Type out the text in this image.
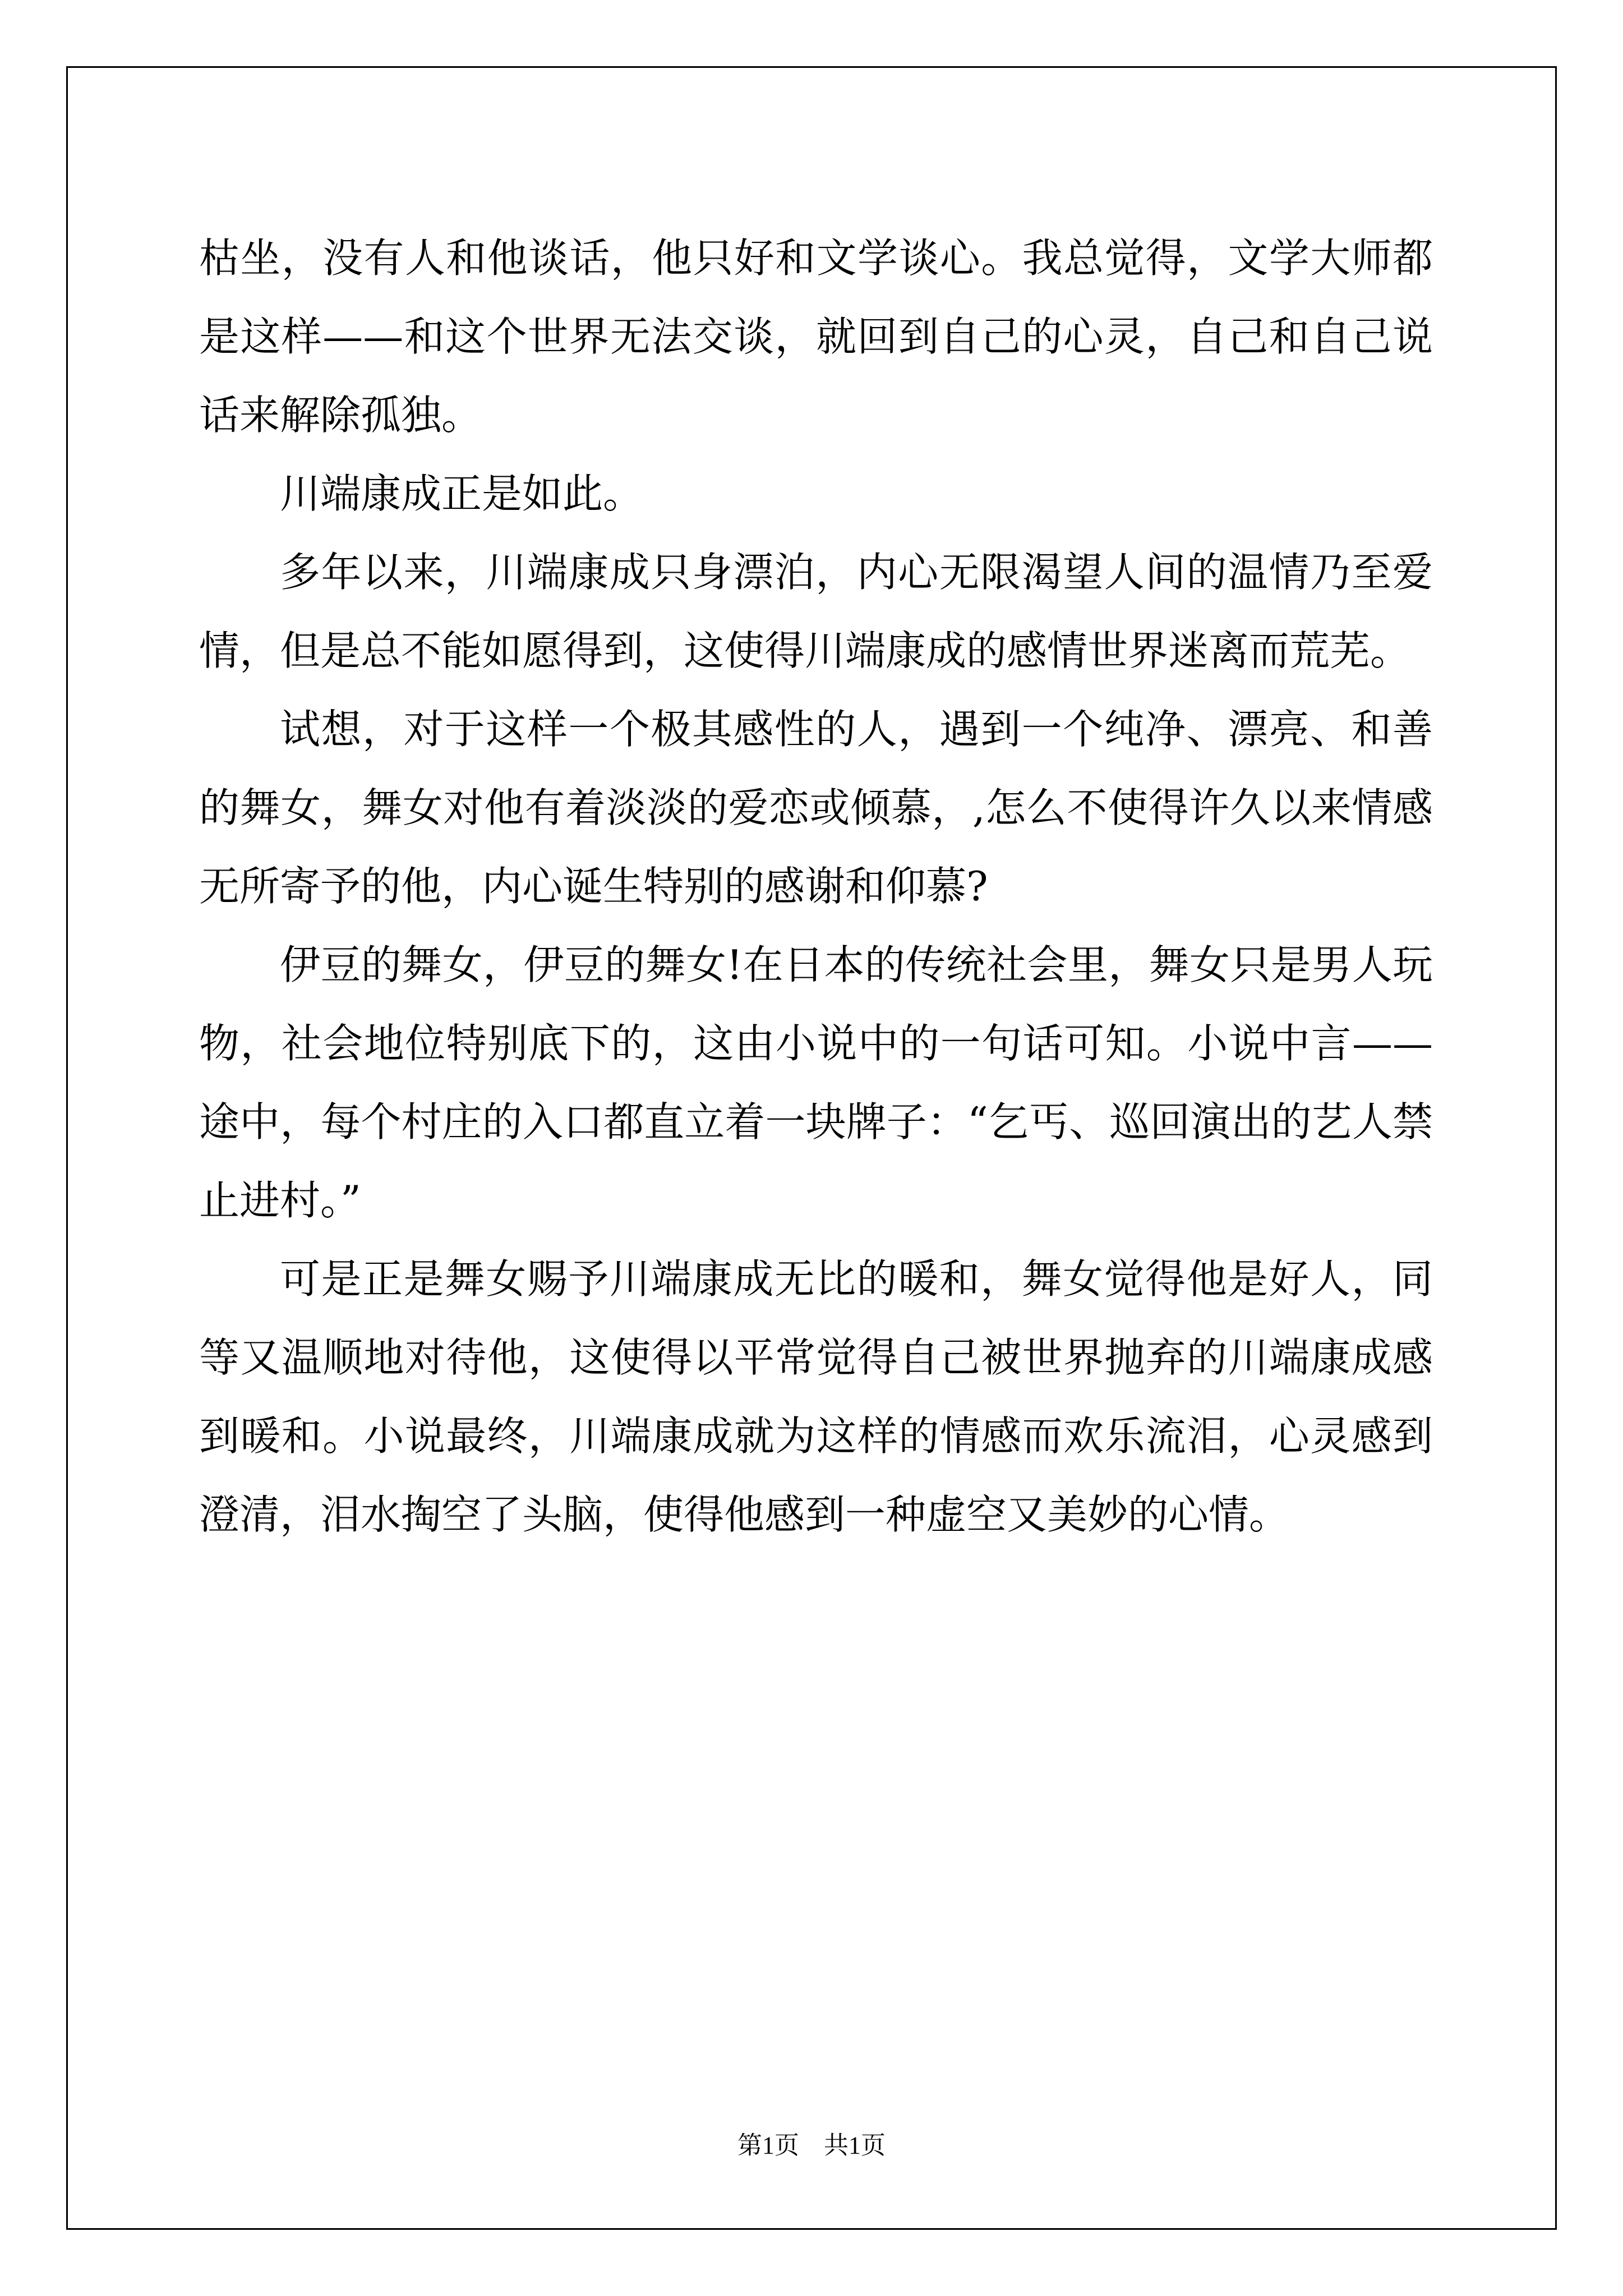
枯坐，没有人和他谈话，他只好和文学谈心。我总觉得，文学大师都是这样——和这个世界无法交谈，就回到自己的心灵，自己和自己说话来解除孤独。

川端康成正是如此。

多年以来，川端康成只身漂泊，内心无限渴望人间的温情乃至爱情，但是总不能如愿得到，这使得川端康成的感情世界迷离而荒芜。

试想，对于这样一个极其感性的人，遇到一个纯净、漂亮、和善的舞女，舞女对他有着淡淡的爱恋或倾慕，,怎么不使得许久以来情感无所寄予的他，内心诞生特别的感谢和仰慕?

伊豆的舞女，伊豆的舞女!在日本的传统社会里，舞女只是男人玩物，社会地位特别底下的，这由小说中的一句话可知。小说中言——途中，每个村庄的入口都直立着一块牌子：“乞丐、巡回演出的艺人禁止进村。”

可是正是舞女赐予川端康成无比的暖和，舞女觉得他是好人，同等又温顺地对待他，这使得以平常觉得自己被世界抛弃的川端康成感到暖和。小说最终，川端康成就为这样的情感而欢乐流泪，心灵感到澄清，泪水掏空了头脑，使得他感到一种虚空又美妙的心情。

第1页　共1页
